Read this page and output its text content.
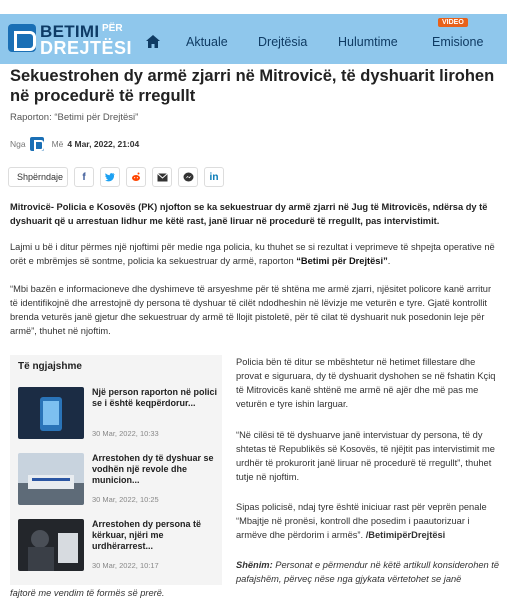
BETIMI PËR
DREJTËSI	Aktuale Drejtësia Hulumtime
VIDEO
Emisione
Sekuestrohen dy armë zjarri në Mitrovicë, të dyshuarit lirohen në procedurë të rregullt
Raporton: “Betimi për Drejtësi”
Nga	Më 4 Mar, 2022, 21:04
Shpërndaje f	in

Mitrovicë- Policia e Kosovës (PK) njofton se ka sekuestruar dy armë zjarri në Jug të Mitrovicës, ndërsa dy të dyshuarit që u arrestuan lidhur me këtë rast, janë liruar në procedurë të rregullt, pas intervistimit.

Lajmi u bë i ditur përmes një njoftimi për medie nga policia, ku thuhet se si rezultat i veprimeve të shpejta operative në orët e mbrëmjes së sontme, policia ka sekuestruar dy armë, raporton “Betimi për Drejtësi”.

“Mbi bazën e informacioneve dhe dyshimeve të arsyeshme për të shtëna me armë zjarri, njësitet policore kanë arritur të identifikojnë dhe arrestojnë dy persona të dyshuar të cilët ndodheshin në lëvizje me veturën e tyre. Gjatë kontrollit brenda veturës janë gjetur dhe sekuestruar dy armë të llojit pistoletë, për të cilat të dyshuarit nuk posedonin leje për armë”, thuhet në njoftim.

Të ngjajshme
Një person raporton në polici se i është keqpërdorur...
30 Mar, 2022, 10:33
Arrestohen dy të dyshuar se vodhën një revole dhe municion...
30 Mar, 2022, 10:25
Arrestohen dy persona të kërkuar, njëri me urdhërarrest...
30 Mar, 2022, 10:17

Policia bën të ditur se mbështetur në hetimet fillestare dhe provat e siguruara, dy të dyshuarit dyshohen se në fshatin Kçiq të Mitrovicës kanë shtënë me armë në ajër dhe më pas me veturën e tyre ishin larguar.

“Në cilësi të të dyshuarve janë intervistuar dy persona, të dy shtetas të Republikës së Kosovës, të njëjtit pas intervistimit me urdhër të prokurorit janë liruar në procedurë të rregullt”, thuhet tutje në njoftim.

Sipas policisë, ndaj tyre është iniciuar rast për veprën penale “Mbajtje në pronësi, kontroll dhe posedim i paautorizuar i armëve dhe përdorim i armës”. /BetimipërDrejtësi

Shënim: Personat e përmendur në këtë artikull konsiderohen të pafajshëm, përveç nëse nga gjykata vërtetohet se janë

fajtorë me vendim të formës së prerë.
